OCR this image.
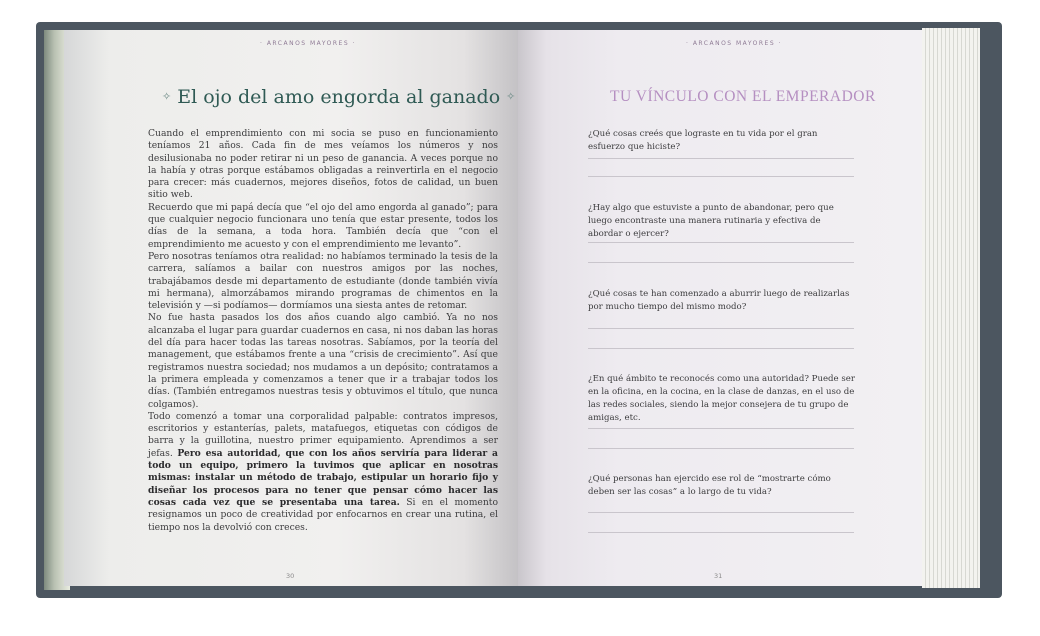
· ARCANOS MAYORES ·
✧ El ojo del amo engorda al ganado ✧

Cuando el emprendimiento con mi socia se puso en funcionamiento teníamos 21 años. Cada fin de mes veíamos los números y nos desilusionaba no poder retirar ni un peso de ganancia. A veces porque no la había y otras porque estábamos obligadas a reinvertirla en el negocio para crecer: más cuadernos, mejores diseños, fotos de calidad, un buen sitio web.

Recuerdo que mi papá decía que “el ojo del amo engorda al ganado”; para que cualquier negocio funcionara uno tenía que estar presente, todos los días de la semana, a toda hora. También decía que “con el emprendimiento me acuesto y con el emprendimiento me levanto”.

Pero nosotras teníamos otra realidad: no habíamos terminado la tesis de la carrera, salíamos a bailar con nuestros amigos por las noches, trabajábamos desde mi departamento de estudiante (donde también vivía mi hermana), almorzábamos mirando programas de chimentos en la televisión y —si podíamos— dormíamos una siesta antes de retomar.

No fue hasta pasados los dos años cuando algo cambió. Ya no nos alcanzaba el lugar para guardar cuadernos en casa, ni nos daban las horas del día para hacer todas las tareas nosotras. Sabíamos, por la teoría del management, que estábamos frente a una “crisis de crecimiento”. Así que registramos nuestra sociedad; nos mudamos a un depósito; contratamos a la primera empleada y comenzamos a tener que ir a trabajar todos los días. (También entregamos nuestras tesis y obtuvimos el título, que nunca colgamos).

Todo comenzó a tomar una corporalidad palpable: contratos impresos, escritorios y estanterías, palets, matafuegos, etiquetas con códigos de barra y la guillotina, nuestro primer equipamiento. Aprendimos a ser jefas. Pero esa autoridad, que con los años serviría para liderar a todo un equipo, primero la tuvimos que aplicar en nosotras mismas: instalar un método de trabajo, estipular un horario fijo y diseñar los procesos para no tener que pensar cómo hacer las cosas cada vez que se presentaba una tarea. Si en el momento resignamos un poco de creatividad por enfocarnos en crear una rutina, el tiempo nos la devolvió con creces.

30
· ARCANOS MAYORES ·
TU VÍNCULO CON EL EMPERADOR
¿Qué cosas creés que lograste en tu vida por el gran esfuerzo que hiciste?
¿Hay algo que estuviste a punto de abandonar, pero que luego encontraste una manera rutinaria y efectiva de abordar o ejercer?
¿Qué cosas te han comenzado a aburrir luego de realizarlas por mucho tiempo del mismo modo?
¿En qué ámbito te reconocés como una autoridad? Puede ser en la oficina, en la cocina, en la clase de danzas, en el uso de las redes sociales, siendo la mejor consejera de tu grupo de amigas, etc.
¿Qué personas han ejercido ese rol de “mostrarte cómo deben ser las cosas” a lo largo de tu vida?
31
